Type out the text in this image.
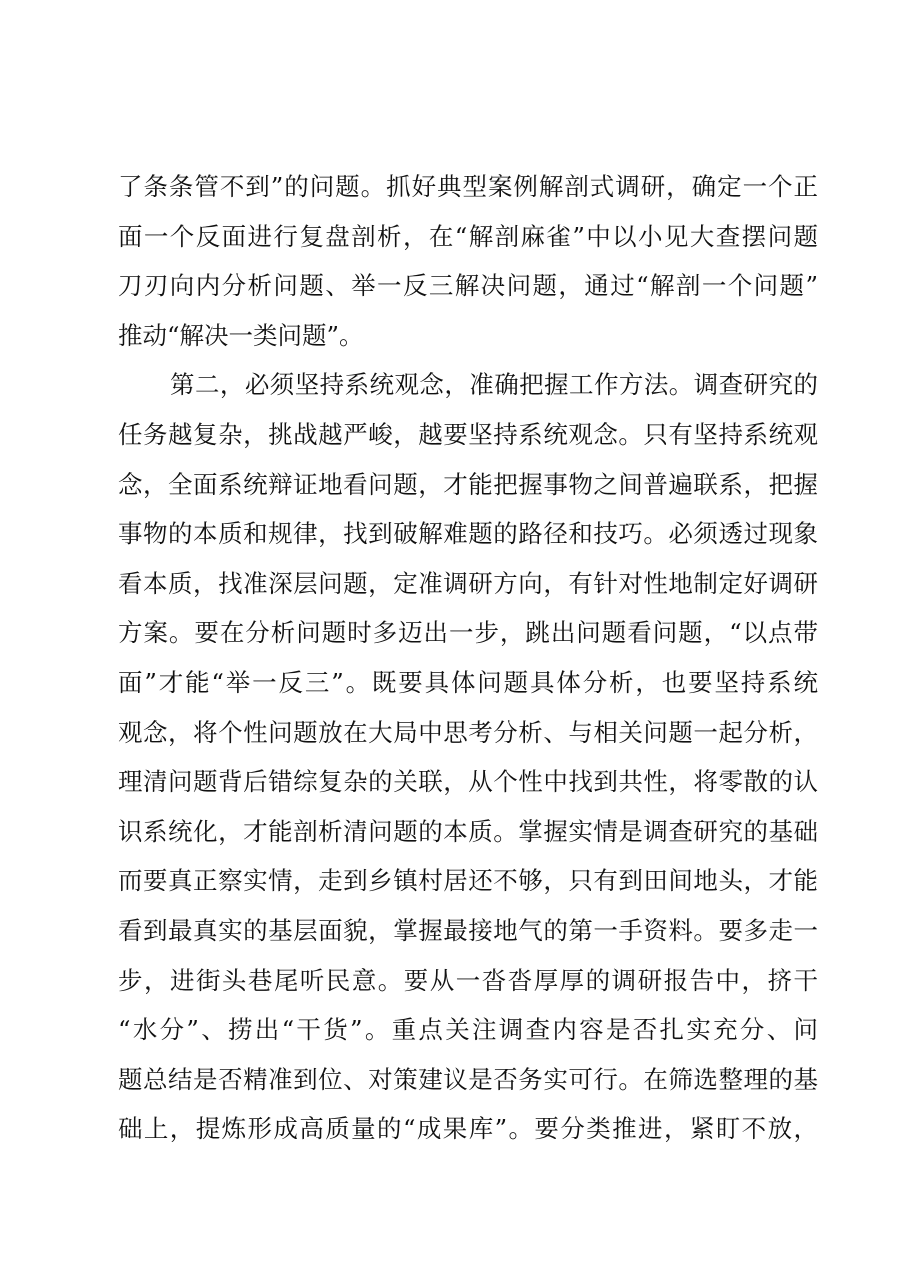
了条条管不到”的问题。抓好典型案例解剖式调研，确定一个正
面一个反面进行复盘剖析，在“解剖麻雀”中以小见大查摆问题
刀刃向内分析问题、举一反三解决问题，通过“解剖一个问题”
推动“解决一类问题”。
第二，必须坚持系统观念，准确把握工作方法。调查研究的
任务越复杂，挑战越严峻，越要坚持系统观念。只有坚持系统观
念，全面系统辩证地看问题，才能把握事物之间普遍联系，把握
事物的本质和规律，找到破解难题的路径和技巧。必须透过现象
看本质，找准深层问题，定准调研方向，有针对性地制定好调研
方案。要在分析问题时多迈出一步，跳出问题看问题，“以点带
面”才能“举一反三”。既要具体问题具体分析，也要坚持系统
观念，将个性问题放在大局中思考分析、与相关问题一起分析，
理清问题背后错综复杂的关联，从个性中找到共性，将零散的认
识系统化，才能剖析清问题的本质。掌握实情是调查研究的基础
而要真正察实情，走到乡镇村居还不够，只有到田间地头，才能
看到最真实的基层面貌，掌握最接地气的第一手资料。要多走一
步，进街头巷尾听民意。要从一沓沓厚厚的调研报告中，挤干
“水分”、捞出“干货”。重点关注调查内容是否扎实充分、问
题总结是否精准到位、对策建议是否务实可行。在筛选整理的基
础上，提炼形成高质量的“成果库”。要分类推进，紧盯不放，
